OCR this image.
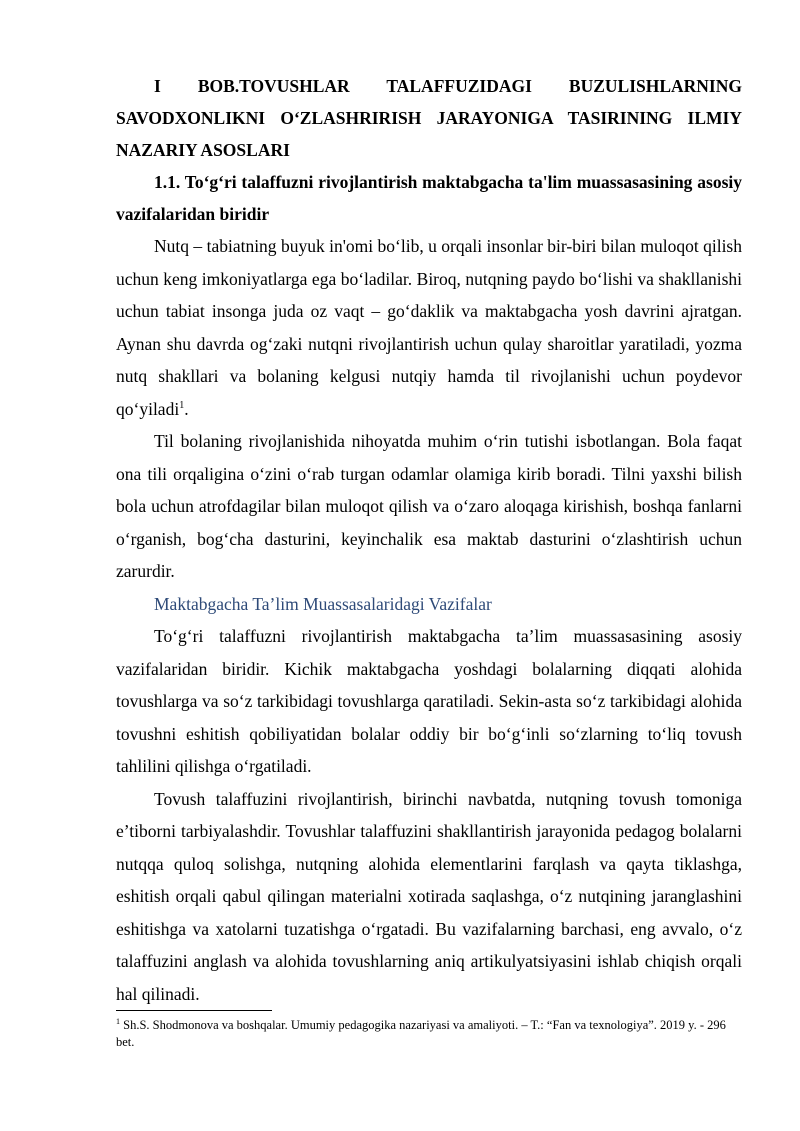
I BOB.TOVUSHLAR TALAFFUZIDAGI BUZULISHLARNING SAVODXONLIKNI O‘ZLASHRIRISH JARAYONIGA TASIRINING ILMIY NAZARIY ASOSLARI

1.1. To‘g‘ri talaffuzni rivojlantirish maktabgacha ta'lim muassasasining asosiy vazifalaridan biridir

Nutq – tabiatning buyuk in'omi bo‘lib, u orqali insonlar bir-biri bilan muloqot qilish uchun keng imkoniyatlarga ega bo‘ladilar. Biroq, nutqning paydo bo‘lishi va shakllanishi uchun tabiat insonga juda oz vaqt – go‘daklik va maktabgacha yosh davrini ajratgan. Aynan shu davrda og‘zaki nutqni rivojlantirish uchun qulay sharoitlar yaratiladi, yozma nutq shakllari va bolaning kelgusi nutqiy hamda til rivojlanishi uchun poydevor qo‘yiladi$^1$.

Til bolaning rivojlanishida nihoyatda muhim o‘rin tutishi isbotlangan. Bola faqat ona tili orqaligina o‘zini o‘rab turgan odamlar olamiga kirib boradi. Tilni yaxshi bilish bola uchun atrofdagilar bilan muloqot qilish va o‘zaro aloqaga kirishish, boshqa fanlarni o‘rganish, bog‘cha dasturini, keyinchalik esa maktab dasturini o‘zlashtirish uchun zarurdir.

Maktabgacha Ta’lim Muassasalaridagi Vazifalar

To‘g‘ri talaffuzni rivojlantirish maktabgacha ta’lim muassasasining asosiy vazifalaridan biridir. Kichik maktabgacha yoshdagi bolalarning diqqati alohida tovushlarga va so‘z tarkibidagi tovushlarga qaratiladi. Sekin-asta so‘z tarkibidagi alohida tovushni eshitish qobiliyatidan bolalar oddiy bir bo‘g‘inli so‘zlarning to‘liq tovush tahlilini qilishga o‘rgatiladi.

Tovush talaffuzini rivojlantirish, birinchi navbatda, nutqning tovush tomoniga e’tiborni tarbiyalashdir. Tovushlar talaffuzini shakllantirish jarayonida pedagog bolalarni nutqqa quloq solishga, nutqning alohida elementlarini farqlash va qayta tiklashga, eshitish orqali qabul qilingan materialni xotirada saqlashga, o‘z nutqining jaranglashini eshitishga va xatolarni tuzatishga o‘rgatadi. Bu vazifalarning barchasi, eng avvalo, o‘z talaffuzini anglash va alohida tovushlarning aniq artikulyatsiyasini ishlab chiqish orqali hal qilinadi.

$^1$ Sh.S. Shodmonova va boshqalar. Umumiy pedagogika nazariyasi va amaliyoti. – T.: “Fan va texnologiya”. 2019 y. - 296 bet.
